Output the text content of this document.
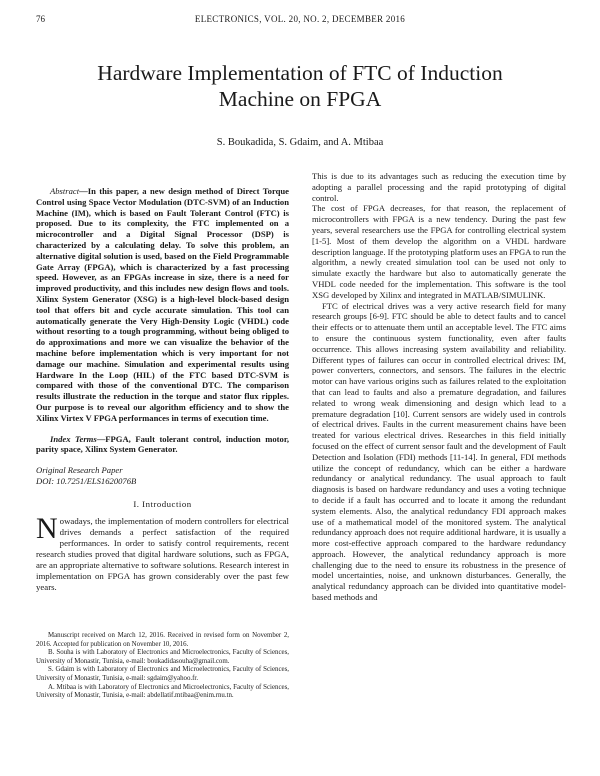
ELECTRONICS, VOL. 20, NO. 2, DECEMBER 2016
76
Hardware Implementation of FTC of Induction Machine on FPGA
S. Boukadida, S. Gdaim, and A. Mtibaa

Abstract—In this paper, a new design method of Direct Torque Control using Space Vector Modulation (DTC-SVM) of an Induction Machine (IM), which is based on Fault Tolerant Control (FTC) is proposed. Due to its complexity, the FTC implemented on a microcontroller and a Digital Signal Processor (DSP) is characterized by a calculating delay. To solve this problem, an alternative digital solution is used, based on the Field Programmable Gate Array (FPGA), which is characterized by a fast processing speed. However, as an FPGAs increase in size, there is a need for improved productivity, and this includes new design flows and tools. Xilinx System Generator (XSG) is a high-level block-based design tool that offers bit and cycle accurate simulation. This tool can automatically generate the Very High-Density Logic (VHDL) code without resorting to a tough programming, without being obliged to do approximations and more we can visualize the behavior of the machine before implementation which is very important for not damage our machine. Simulation and experimental results using Hardware In the Loop (HIL) of the FTC based DTC-SVM is compared with those of the conventional DTC. The comparison results illustrate the reduction in the torque and stator flux ripples. Our purpose is to reveal our algorithm efficiency and to show the Xilinx Virtex V FPGA performances in terms of execution time.

Index Terms—FPGA, Fault tolerant control, induction motor, parity space, Xilinx System Generator.

Original Research Paper
DOI: 10.7251/ELS1620076B

I. Introduction

Nowadays, the implementation of modern controllers for electrical drives demands a perfect satisfaction of the required performances. In order to satisfy control requirements, recent research studies proved that digital hardware solutions, such as FPGA, are an appropriate alternative to software solutions. Research interest in implementation on FPGA has grown considerably over the past few years.

Manuscript received on March 12, 2016. Received in revised form on November 2, 2016. Accepted for publication on November 10, 2016.

B. Souha is with Laboratory of Electronics and Microelectronics, Faculty of Sciences, University of Monastir, Tunisia, e-mail: boukadidasouha@gmail.com.

S. Gdaim is with Laboratory of Electronics and Microelectronics, Faculty of Sciences, University of Monastir, Tunisia, e-mail: sgdaim@yahoo.fr.

A. Mtibaa is with Laboratory of Electronics and Microelectronics, Faculty of Sciences, University of Monastir, Tunisia, e-mail: abdellatif.mtibaa@enim.rnu.tn.

This is due to its advantages such as reducing the execution time by adopting a parallel processing and the rapid prototyping of digital control.

The cost of FPGA decreases, for that reason, the replacement of microcontrollers with FPGA is a new tendency. During the past few years, several researchers use the FPGA for controlling electrical system [1-5]. Most of them develop the algorithm on a VHDL hardware description language. If the prototyping platform uses an FPGA to run the algorithm, a newly created simulation tool can be used not only to simulate exactly the hardware but also to automatically generate the VHDL code needed for the implementation. This software is the tool XSG developed by Xilinx and integrated in MATLAB/SIMULINK.

FTC of electrical drives was a very active research field for many research groups [6-9]. FTC should be able to detect faults and to cancel their effects or to attenuate them until an acceptable level. The FTC aims to ensure the continuous system functionality, even after faults occurrence. This allows increasing system availability and reliability. Different types of failures can occur in controlled electrical drives: IM, power converters, connectors, and sensors. The failures in the electric motor can have various origins such as failures related to the exploitation that can lead to faults and also a premature degradation, and failures related to wrong weak dimensioning and design which lead to a premature degradation [10]. Current sensors are widely used in controls of electrical drives. Faults in the current measurement chains have been treated for various electrical drives. Researches in this field initially focused on the effect of current sensor fault and the development of Fault Detection and Isolation (FDI) methods [11-14]. In general, FDI methods utilize the concept of redundancy, which can be either a hardware redundancy or analytical redundancy. The usual approach to fault diagnosis is based on hardware redundancy and uses a voting technique to decide if a fault has occurred and to locate it among the redundant system elements. Also, the analytical redundancy FDI approach makes use of a mathematical model of the monitored system. The analytical redundancy approach does not require additional hardware, it is usually a more cost-effective approach compared to the hardware redundancy approach. However, the analytical redundancy approach is more challenging due to the need to ensure its robustness in the presence of model uncertainties, noise, and unknown disturbances. Generally, the analytical redundancy approach can be divided into quantitative model-based methods and
